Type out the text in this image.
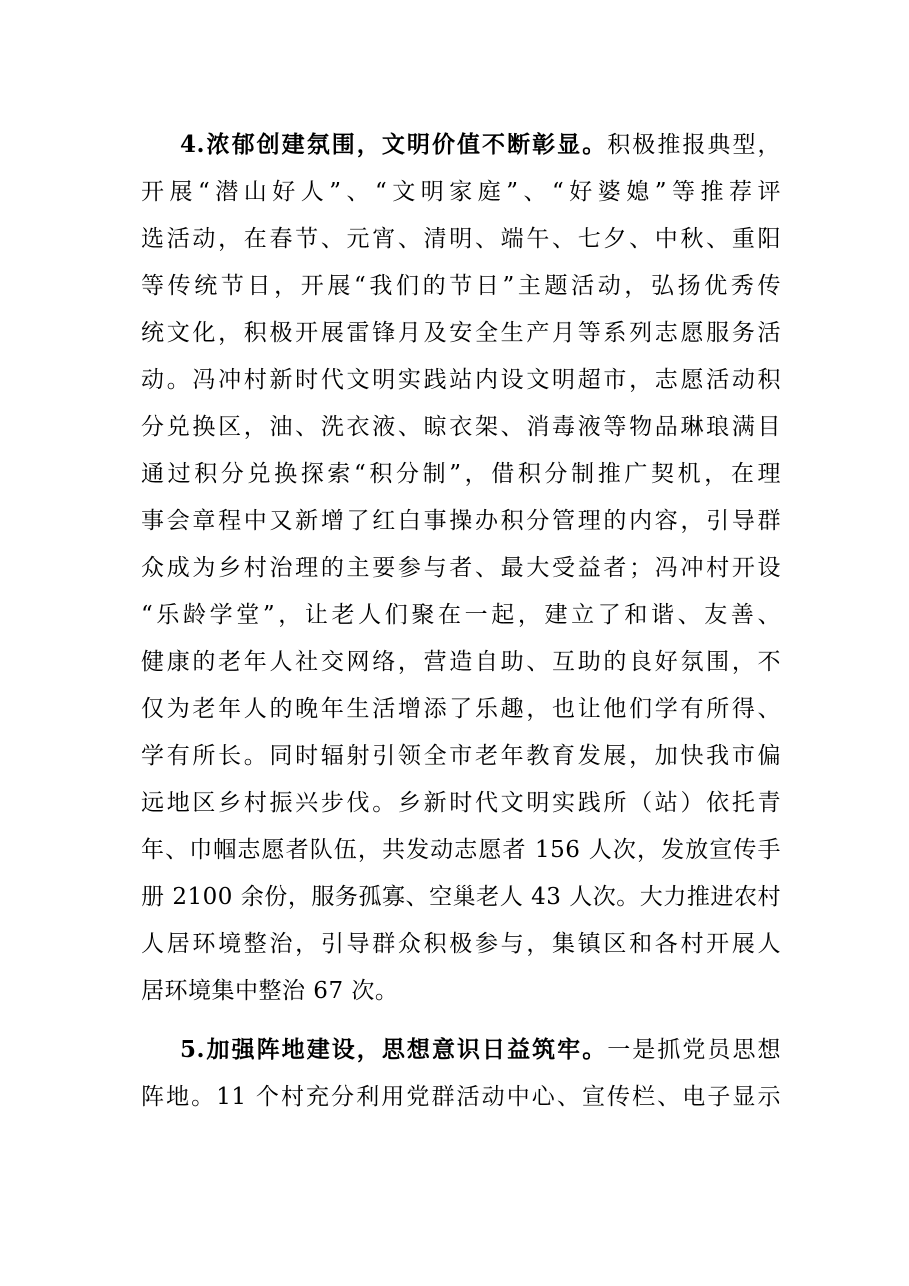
4.浓郁创建氛围，文明价值不断彰显。积极推报典型，
开展“潜山好人”、“文明家庭”、“好婆媳”等推荐评
选活动，在春节、元宵、清明、端午、七夕、中秋、重阳
等传统节日，开展“我们的节日”主题活动，弘扬优秀传
统文化，积极开展雷锋月及安全生产月等系列志愿服务活
动。冯冲村新时代文明实践站内设文明超市，志愿活动积
分兑换区，油、洗衣液、晾衣架、消毒液等物品琳琅满目
通过积分兑换探索“积分制”，借积分制推广契机，在理
事会章程中又新增了红白事操办积分管理的内容，引导群
众成为乡村治理的主要参与者、最大受益者；冯冲村开设
“乐龄学堂”，让老人们聚在一起，建立了和谐、友善、
健康的老年人社交网络，营造自助、互助的良好氛围，不
仅为老年人的晚年生活增添了乐趣，也让他们学有所得、
学有所长。同时辐射引领全市老年教育发展，加快我市偏
远地区乡村振兴步伐。乡新时代文明实践所（站）依托青
年、巾帼志愿者队伍，共发动志愿者 156 人次，发放宣传手
册 2100 余份，服务孤寡、空巢老人 43 人次。大力推进农村
人居环境整治，引导群众积极参与，集镇区和各村开展人
居环境集中整治 67 次。
5.加强阵地建设，思想意识日益筑牢。一是抓党员思想
阵地。11 个村充分利用党群活动中心、宣传栏、电子显示
